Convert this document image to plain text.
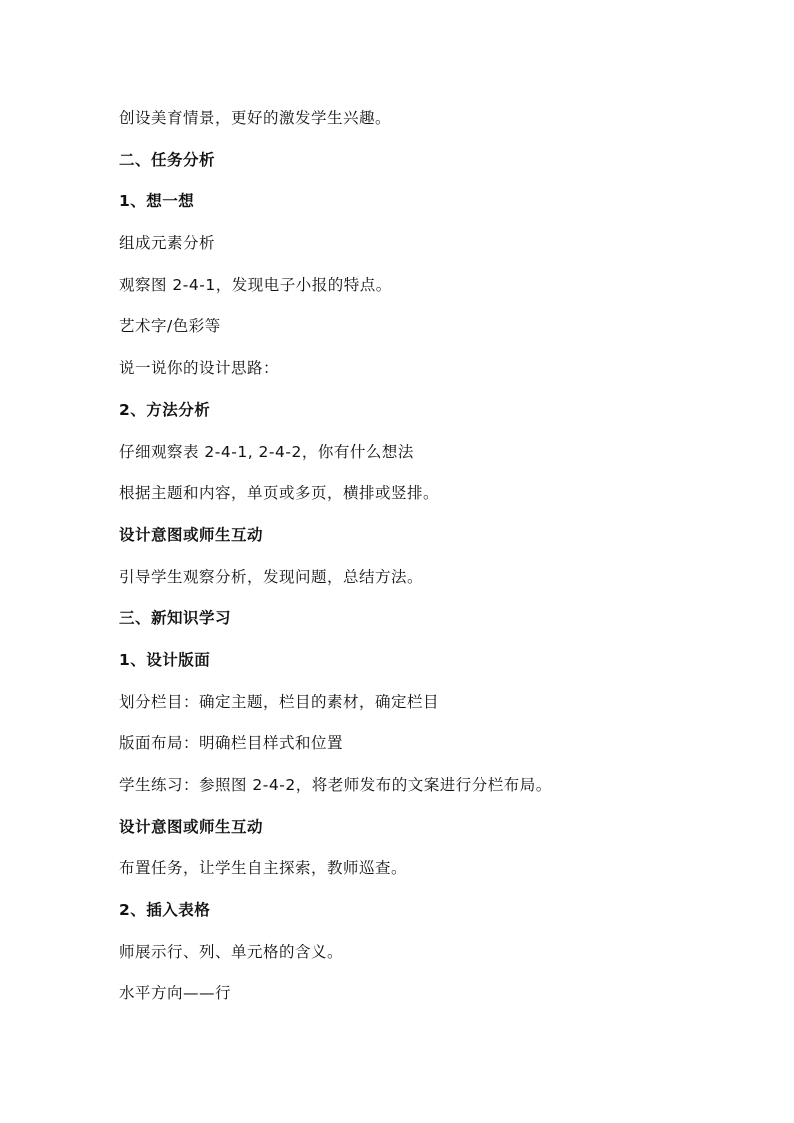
创设美育情景，更好的激发学生兴趣。
二、任务分析
1、想一想
组成元素分析
观察图 2-4-1，发现电子小报的特点。
艺术字/色彩等
说一说你的设计思路：
2、方法分析
仔细观察表 2-4-1, 2-4-2，你有什么想法
根据主题和内容，单页或多页，横排或竖排。
设计意图或师生互动
引导学生观察分析，发现问题，总结方法。
三、新知识学习
1、设计版面
划分栏目：确定主题，栏目的素材，确定栏目
版面布局：明确栏目样式和位置
学生练习：参照图 2-4-2，将老师发布的文案进行分栏布局。
设计意图或师生互动
布置任务，让学生自主探索，教师巡查。
2、插入表格
师展示行、列、单元格的含义。
水平方向——行
